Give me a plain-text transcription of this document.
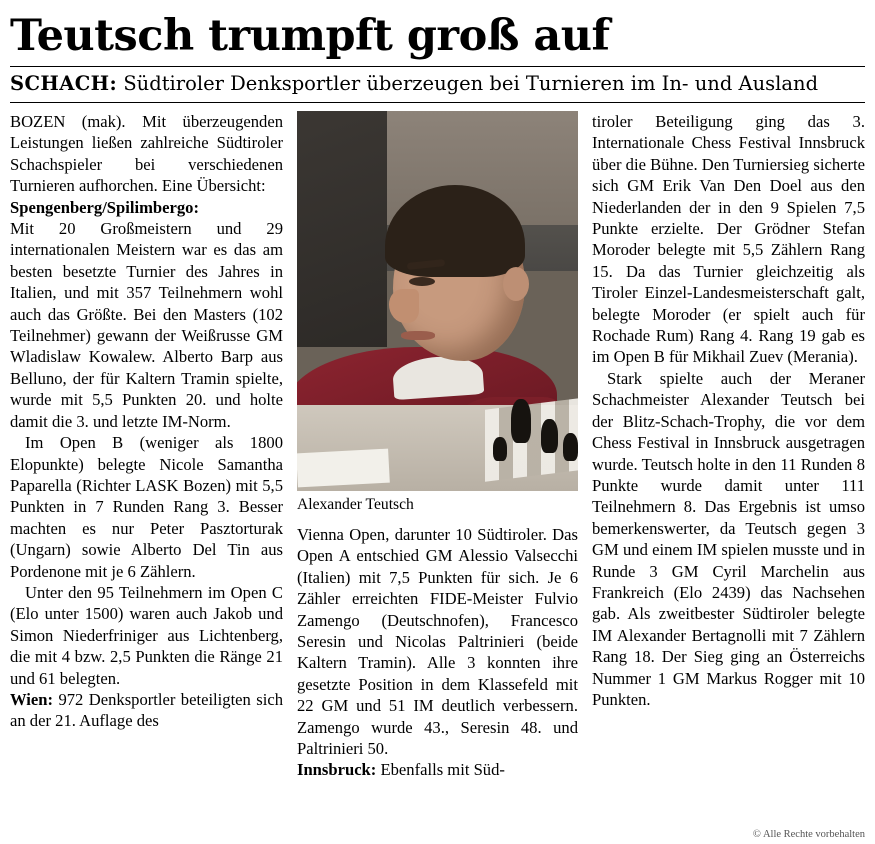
Teutsch trumpft groß auf
SCHACH: Südtiroler Denksportler überzeugen bei Turnieren im In- und Ausland

BOZEN (mak). Mit überzeugenden Leistungen ließen zahlreiche Südtiroler Schachspieler bei verschiedenen Turnieren aufhorchen. Eine Übersicht:

Spengenberg/Spilimbergo:

Mit 20 Großmeistern und 29 internationalen Meistern war es das am besten besetzte Turnier des Jahres in Italien, und mit 357 Teilnehmern wohl auch das Größte. Bei den Masters (102 Teilnehmer) gewann der Weißrusse GM Wladislaw Kowalew. Alberto Barp aus Belluno, der für Kaltern Tramin spielte, wurde mit 5,5 Punkten 20. und holte damit die 3. und letzte IM-Norm.

Im Open B (weniger als 1800 Elopunkte) belegte Nicole Samantha Paparella (Richter LASK Bozen) mit 5,5 Punkten in 7 Runden Rang 3. Besser machten es nur Peter Pasztorturak (Ungarn) sowie Alberto Del Tin aus Pordenone mit je 6 Zählern.

Unter den 95 Teilnehmern im Open C (Elo unter 1500) waren auch Jakob und Simon Niederfriniger aus Lichtenberg, die mit 4 bzw. 2,5 Punkten die Ränge 21 und 61 belegten.

Wien: 972 Denksportler beteiligten sich an der 21. Auflage des

Alexander Teutsch

Vienna Open, darunter 10 Südtiroler. Das Open A entschied GM Alessio Valsecchi (Italien) mit 7,5 Punkten für sich. Je 6 Zähler erreichten FIDE-Meister Fulvio Zamengo (Deutschnofen), Francesco Seresin und Nicolas Paltrinieri (beide Kaltern Tramin). Alle 3 konnten ihre gesetzte Position in dem Klassefeld mit 22 GM und 51 IM deutlich verbessern. Zamengo wurde 43., Seresin 48. und Paltrinieri 50.

Innsbruck: Ebenfalls mit Süd-

tiroler Beteiligung ging das 3. Internationale Chess Festival Innsbruck über die Bühne. Den Turniersieg sicherte sich GM Erik Van Den Doel aus den Niederlanden der in den 9 Spielen 7,5 Punkte erzielte. Der Grödner Stefan Moroder belegte mit 5,5 Zählern Rang 15. Da das Turnier gleichzeitig als Tiroler Einzel-Landesmeisterschaft galt, belegte Moroder (er spielt auch für Rochade Rum) Rang 4. Rang 19 gab es im Open B für Mikhail Zuev (Merania).

Stark spielte auch der Meraner Schachmeister Alexander Teutsch bei der Blitz-Schach-Trophy, die vor dem Chess Festival in Innsbruck ausgetragen wurde. Teutsch holte in den 11 Runden 8 Punkte wurde damit unter 111 Teilnehmern 8. Das Ergebnis ist umso bemerkenswerter, da Teutsch gegen 3 GM und einem IM spielen musste und in Runde 3 GM Cyril Marchelin aus Frankreich (Elo 2439) das Nachsehen gab. Als zweitbester Südtiroler belegte IM Alexander Bertagnolli mit 7 Zählern Rang 18. Der Sieg ging an Österreichs Nummer 1 GM Markus Rogger mit 10 Punkten.

© Alle Rechte vorbehalten
